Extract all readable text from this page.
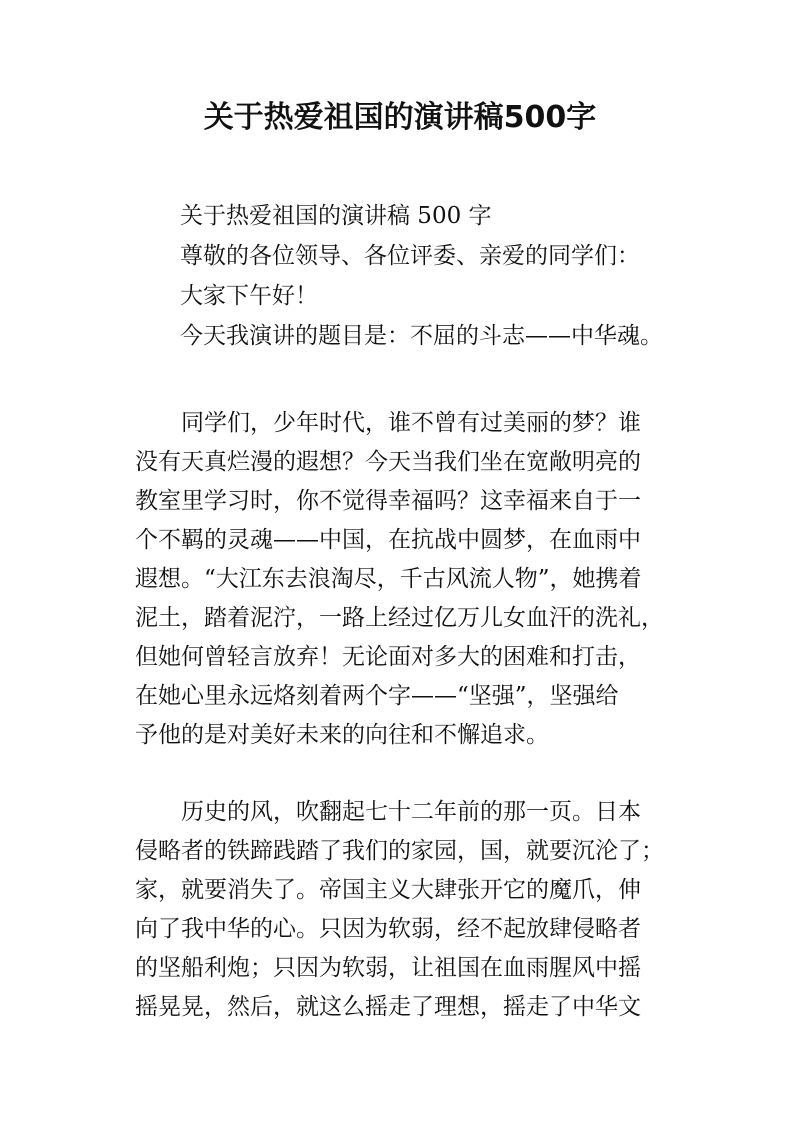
关于热爱祖国的演讲稿500字
关于热爱祖国的演讲稿 500 字
尊敬的各位领导、各位评委、亲爱的同学们：
大家下午好！
今天我演讲的题目是：不屈的斗志——中华魂。
同学们，少年时代，谁不曾有过美丽的梦？谁
没有天真烂漫的遐想？今天当我们坐在宽敞明亮的
教室里学习时，你不觉得幸福吗？这幸福来自于一
个不羁的灵魂——中国，在抗战中圆梦，在血雨中
遐想。“大江东去浪淘尽，千古风流人物”，她携着
泥土，踏着泥泞，一路上经过亿万儿女血汗的洗礼，
但她何曾轻言放弃！无论面对多大的困难和打击，
在她心里永远烙刻着两个字——“坚强”，坚强给
予他的是对美好未来的向往和不懈追求。
历史的风，吹翻起七十二年前的那一页。日本
侵略者的铁蹄践踏了我们的家园，国，就要沉沦了；
家，就要消失了。帝国主义大肆张开它的魔爪，伸
向了我中华的心。只因为软弱，经不起放肆侵略者
的坚船利炮；只因为软弱，让祖国在血雨腥风中摇
摇晃晃，然后，就这么摇走了理想，摇走了中华文
